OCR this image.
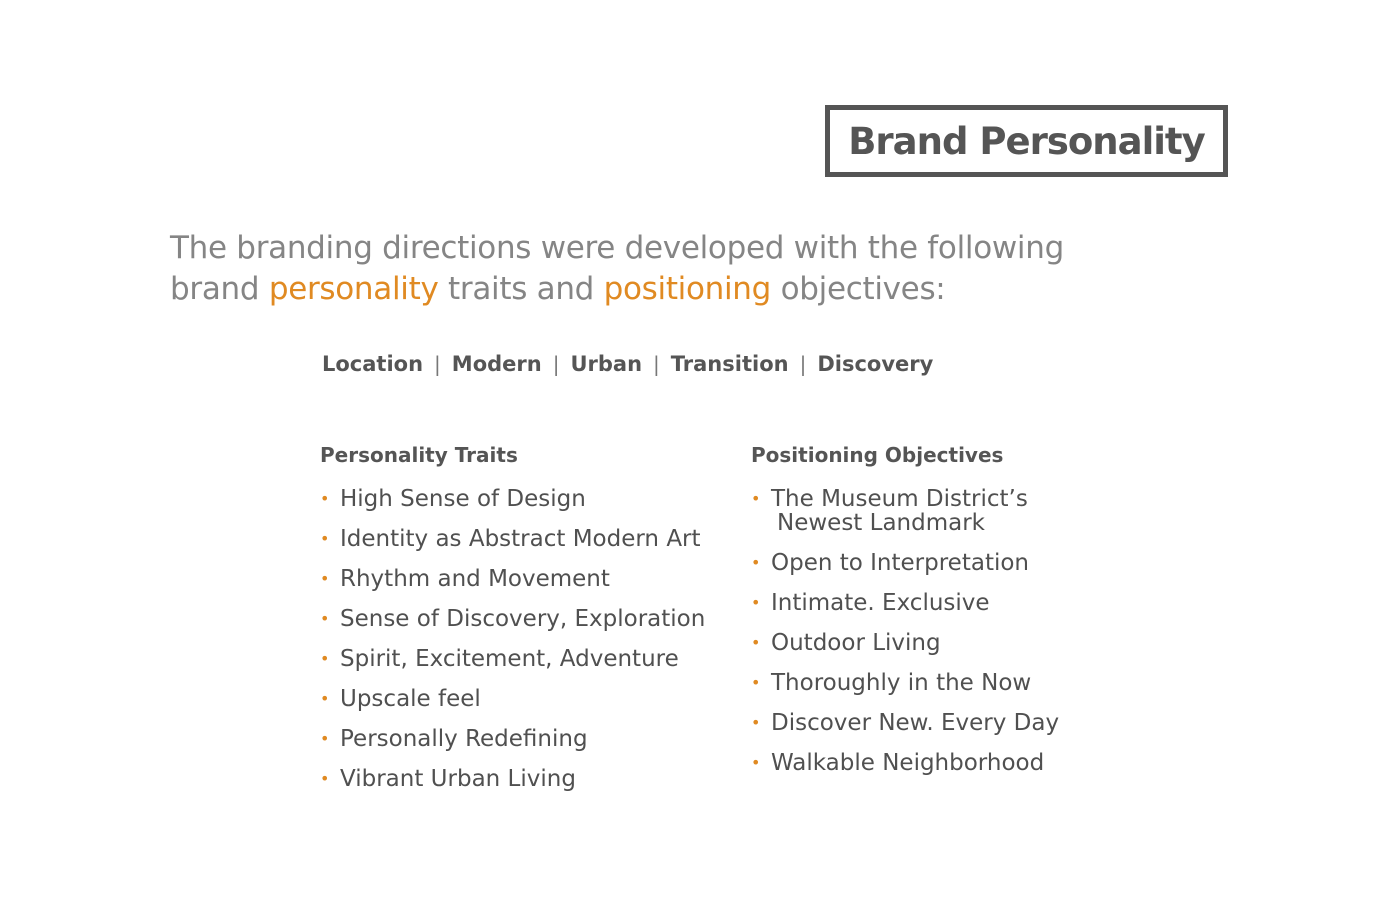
Brand Personality
The branding directions were developed with the following
brand personality traits and positioning objectives:
Location | Modern | Urban | Transition | Discovery
Personality Traits
• High Sense of Design
• Identity as Abstract Modern Art
• Rhythm and Movement
• Sense of Discovery, Exploration
• Spirit, Excitement, Adventure
• Upscale feel
• Personally Redefining
• Vibrant Urban Living
Positioning Objectives
• The Museum District’s
Newest Landmark
• Open to Interpretation
• Intimate. Exclusive
• Outdoor Living
• Thoroughly in the Now
• Discover New. Every Day
• Walkable Neighborhood
